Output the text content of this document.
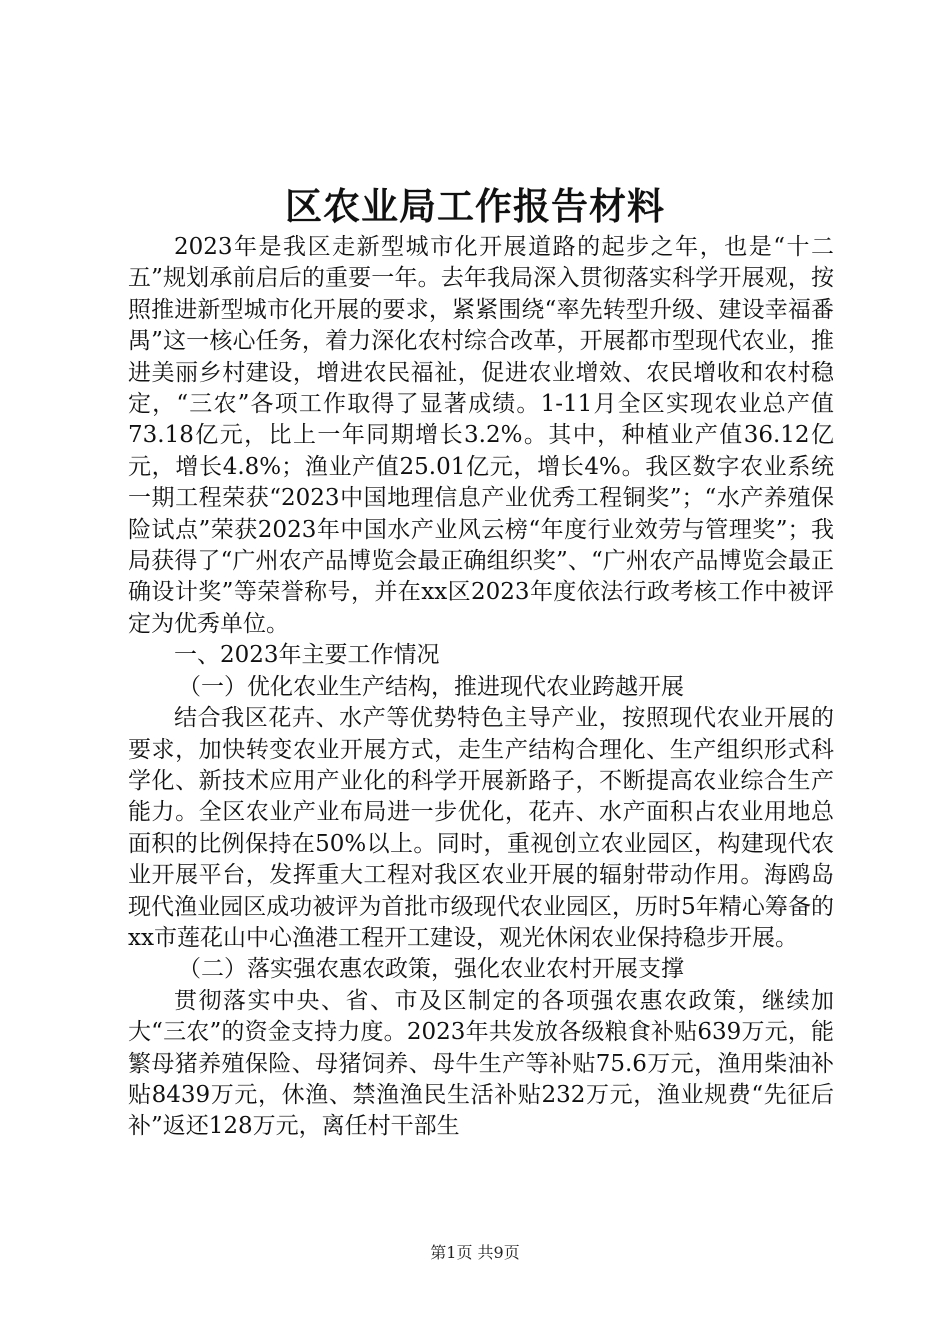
区农业局工作报告材料

2023年是我区走新型城市化开展道路的起步之年，也是“十二五”规划承前启后的重要一年。去年我局深入贯彻落实科学开展观，按照推进新型城市化开展的要求，紧紧围绕“率先转型升级、建设幸福番禺”这一核心任务，着力深化农村综合改革，开展都市型现代农业，推进美丽乡村建设，增进农民福祉，促进农业增效、农民增收和农村稳定，“三农”各项工作取得了显著成绩。1-11月全区实现农业总产值73.18亿元，比上一年同期增长3.2%。其中，种植业产值36.12亿元，增长4.8%；渔业产值25.01亿元，增长4%。我区数字农业系统一期工程荣获“2023中国地理信息产业优秀工程铜奖”；“水产养殖保险试点”荣获2023年中国水产业风云榜“年度行业效劳与管理奖”；我局获得了“广州农产品博览会最正确组织奖”、“广州农产品博览会最正确设计奖”等荣誉称号，并在xx区2023年度依法行政考核工作中被评定为优秀单位。

一、2023年主要工作情况

（一）优化农业生产结构，推进现代农业跨越开展

结合我区花卉、水产等优势特色主导产业，按照现代农业开展的要求，加快转变农业开展方式，走生产结构合理化、生产组织形式科学化、新技术应用产业化的科学开展新路子，不断提高农业综合生产能力。全区农业产业布局进一步优化，花卉、水产面积占农业用地总面积的比例保持在50%以上。同时，重视创立农业园区，构建现代农业开展平台，发挥重大工程对我区农业开展的辐射带动作用。海鸥岛现代渔业园区成功被评为首批市级现代农业园区，历时5年精心筹备的xx市莲花山中心渔港工程开工建设，观光休闲农业保持稳步开展。

（二）落实强农惠农政策，强化农业农村开展支撑

贯彻落实中央、省、市及区制定的各项强农惠农政策，继续加大“三农”的资金支持力度。2023年共发放各级粮食补贴639万元，能繁母猪养殖保险、母猪饲养、母牛生产等补贴75.6万元，渔用柴油补贴8439万元，休渔、禁渔渔民生活补贴232万元，渔业规费“先征后补”返还128万元，离任村干部生

第1页 共9页
